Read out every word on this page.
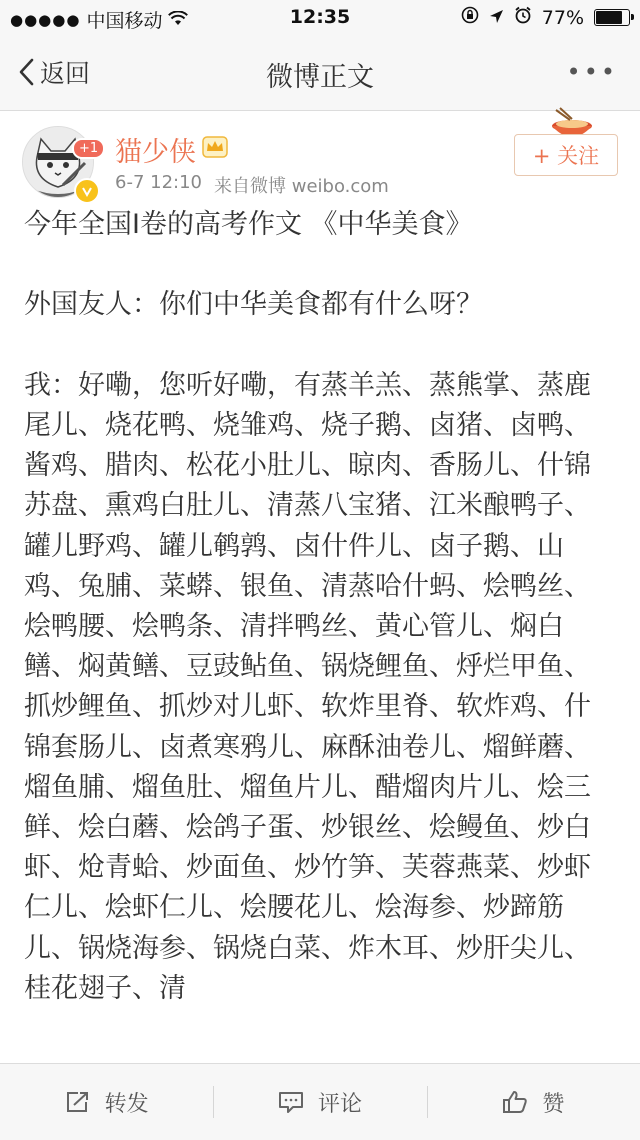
●●●●● 中国移动	12:35	77%
返回	微博正文	•••
+1 猫少侠
6-7 12:10 来自微博 weibo.com
+ 关注

今年全国I卷的高考作文 《中华美食》

外国友人：你们中华美食都有什么呀？

我：好嘞，您听好嘞，有蒸羊羔、蒸熊掌、蒸鹿尾儿、烧花鸭、烧雏鸡、烧子鹅、卤猪、卤鸭、酱鸡、腊肉、松花小肚儿、晾肉、香肠儿、什锦苏盘、熏鸡白肚儿、清蒸八宝猪、江米酿鸭子、罐儿野鸡、罐儿鹌鹑、卤什件儿、卤子鹅、山鸡、兔脯、菜蟒、银鱼、清蒸哈什蚂、烩鸭丝、烩鸭腰、烩鸭条、清拌鸭丝、黄心管儿、焖白鳝、焖黄鳝、豆豉鲇鱼、锅烧鲤鱼、烀烂甲鱼、抓炒鲤鱼、抓炒对儿虾、软炸里脊、软炸鸡、什锦套肠儿、卤煮寒鸦儿、麻酥油卷儿、熘鲜蘑、熘鱼脯、熘鱼肚、熘鱼片儿、醋熘肉片儿、烩三鲜、烩白蘑、烩鸽子蛋、炒银丝、烩鳗鱼、炒白虾、炝青蛤、炒面鱼、炒竹笋、芙蓉燕菜、炒虾仁儿、烩虾仁儿、烩腰花儿、烩海参、炒蹄筋儿、锅烧海参、锅烧白菜、炸木耳、炒肝尖儿、桂花翅子、清

转发	评论	赞
